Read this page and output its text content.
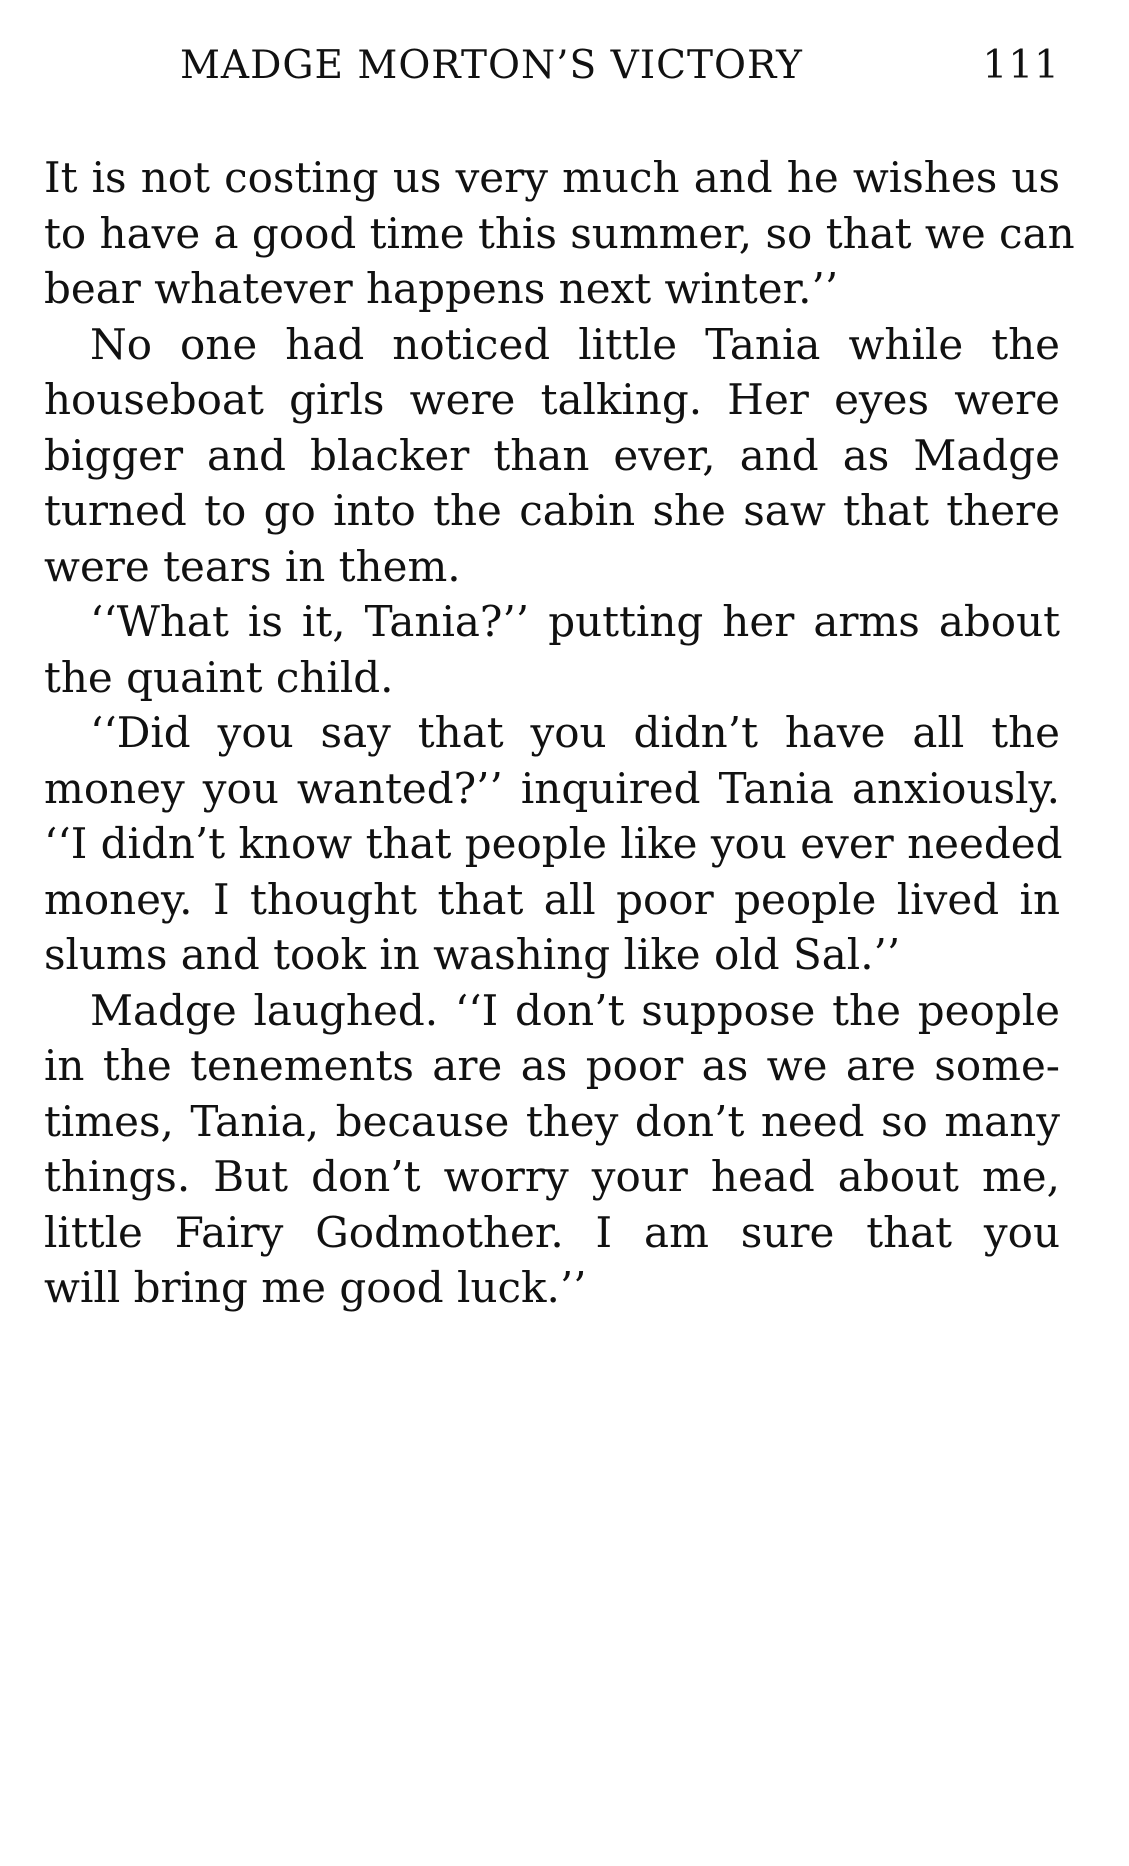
MADGE MORTON’S VICTORY	111
It is not costing us very much and he wishes us
to have a good time this summer, so that we can
bear whatever happens next winter.’’
No one had noticed little Tania while the
houseboat girls were talking. Her eyes were
bigger and blacker than ever, and as Madge
turned to go into the cabin she saw that there
were tears in them.
‘‘What is it, Tania?’’ putting her arms about
the quaint child.
‘‘Did you say that you didn’t have all the
money you wanted?’’ inquired Tania anxiously.
‘‘I didn’t know that people like you ever needed
money. I thought that all poor people lived in
slums and took in washing like old Sal.’’
Madge laughed. ‘‘I don’t suppose the people
in the tenements are as poor as we are some-
times, Tania, because they don’t need so many
things. But don’t worry your head about me,
little Fairy Godmother. I am sure that you
will bring me good luck.’’
